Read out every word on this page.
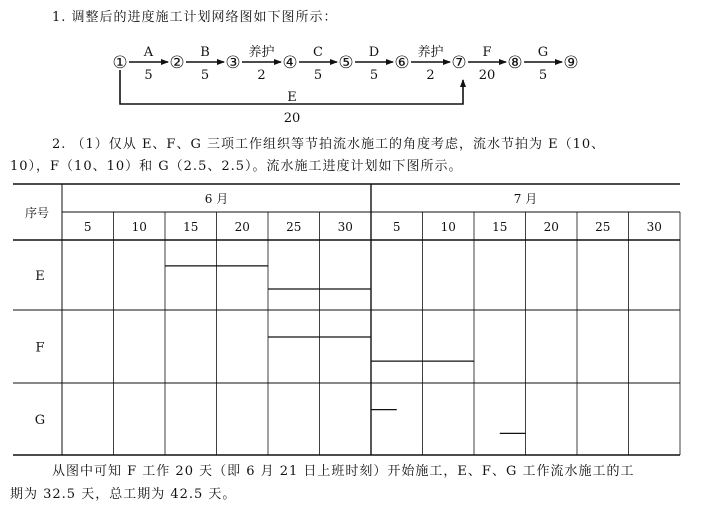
1. 调整后的进度施工计划网络图如下图所示：
① ② ③ ④ ⑤ ⑥ ⑦ ⑧ ⑨
A
5
B
5
养护
2
C
5
D
5
养护
2
F
20
G
5
E
20
2. （1）仅从 E、F、G 三项工作组织等节拍流水施工的角度考虑，流水节拍为 E（10、
10），F（10、10）和 G（2.5、2.5）。流水施工进度计划如下图所示。
序号
6 月
5	10	15	20	25	30
7 月
5	10	15	20	25	30
E
F
G
从图中可知 F 工作 20 天（即 6 月 21 日上班时刻）开始施工，E、F、G 工作流水施工的工
期为 32.5 天，总工期为 42.5 天。
